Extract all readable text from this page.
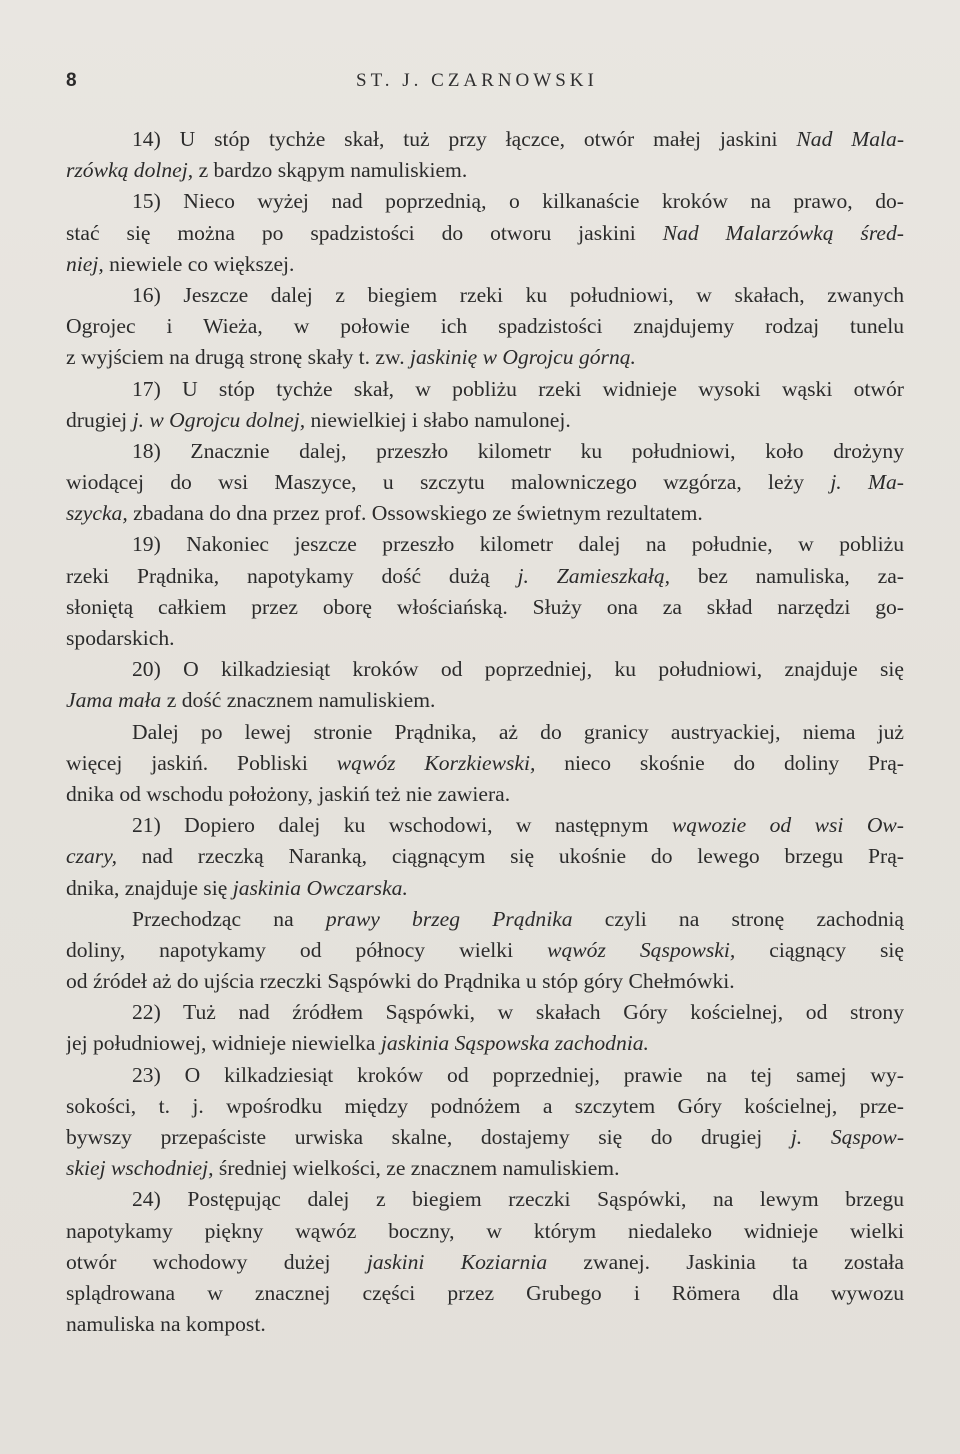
8	ST. J. CZARNOWSKI
14) U stóp tychże skał, tuż przy łączce, otwór małej jaskini Nad Mala-
rzówką dolnej, z bardzo skąpym namuliskiem.
15) Nieco wyżej nad poprzednią, o kilkanaście kroków na prawo, do-
stać się można po spadzistości do otworu jaskini Nad Malarzówką śred-
niej, niewiele co większej.
16) Jeszcze dalej z biegiem rzeki ku południowi, w skałach, zwanych
Ogrojec i Wieża, w połowie ich spadzistości znajdujemy rodzaj tunelu
z wyjściem na drugą stronę skały t. zw. jaskinię w Ogrojcu górną.
17) U stóp tychże skał, w pobliżu rzeki widnieje wysoki wąski otwór
drugiej j. w Ogrojcu dolnej, niewielkiej i słabo namulonej.
18) Znacznie dalej, przeszło kilometr ku południowi, koło drożyny
wiodącej do wsi Maszyce, u szczytu malowniczego wzgórza, leży j. Ma-
szycka, zbadana do dna przez prof. Ossowskiego ze świetnym rezultatem.
19) Nakoniec jeszcze przeszło kilometr dalej na południe, w pobliżu
rzeki Prądnika, napotykamy dość dużą j. Zamieszkałą, bez namuliska, za-
słoniętą całkiem przez oborę włościańską. Służy ona za skład narzędzi go-
spodarskich.
20) O kilkadziesiąt kroków od poprzedniej, ku południowi, znajduje się
Jama mała z dość znacznem namuliskiem.
Dalej po lewej stronie Prądnika, aż do granicy austryackiej, niema już
więcej jaskiń. Pobliski wąwóz Korzkiewski, nieco skośnie do doliny Prą-
dnika od wschodu położony, jaskiń też nie zawiera.
21) Dopiero dalej ku wschodowi, w następnym wąwozie od wsi Ow-
czary, nad rzeczką Naranką, ciągnącym się ukośnie do lewego brzegu Prą-
dnika, znajduje się jaskinia Owczarska.
Przechodząc na prawy brzeg Prądnika czyli na stronę zachodnią
doliny, napotykamy od północy wielki wąwóz Sąspowski, ciągnący się
od źródeł aż do ujścia rzeczki Sąspówki do Prądnika u stóp góry Chełmówki.
22) Tuż nad źródłem Sąspówki, w skałach Góry kościelnej, od strony
jej południowej, widnieje niewielka jaskinia Sąspowska zachodnia.
23) O kilkadziesiąt kroków od poprzedniej, prawie na tej samej wy-
sokości, t. j. wpośrodku między podnóżem a szczytem Góry kościelnej, prze-
bywszy przepaściste urwiska skalne, dostajemy się do drugiej j. Sąspow-
skiej wschodniej, średniej wielkości, ze znacznem namuliskiem.
24) Postępując dalej z biegiem rzeczki Sąspówki, na lewym brzegu
napotykamy piękny wąwóz boczny, w którym niedaleko widnieje wielki
otwór wchodowy dużej jaskini Koziarnia zwanej. Jaskinia ta została
splądrowana w znacznej części przez Grubego i Römera dla wywozu
namuliska na kompost.
